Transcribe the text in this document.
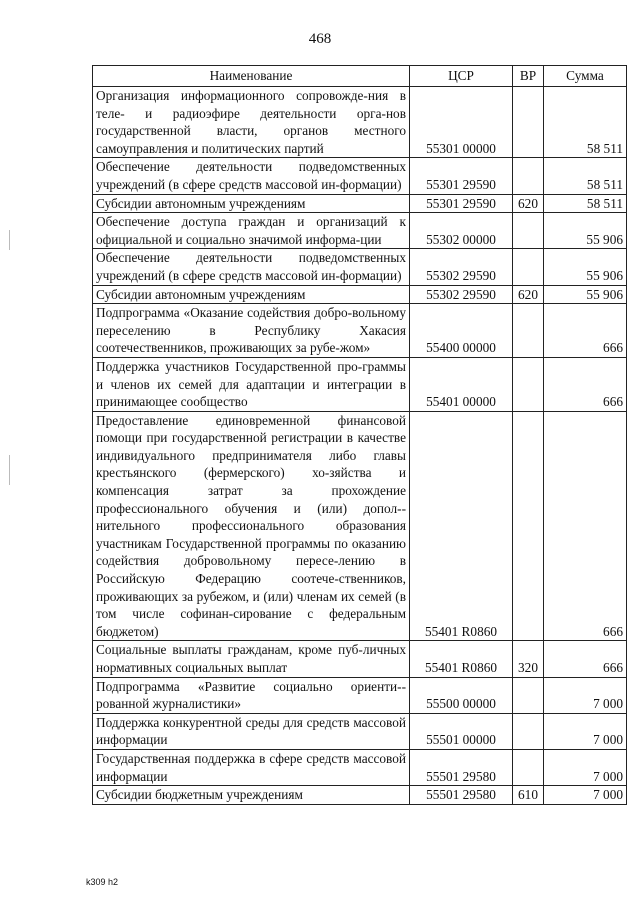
468
Наименование	ЦСР	ВР	Сумма
Организация информационного сопровожде-ния в теле- и радиоэфире деятельности орга-нов государственной власти, органов местного самоуправления и политических партий	55301 00000		58 511
Обеспечение деятельности подведомственных учреждений (в сфере средств массовой ин-формации)	55301 29590		58 511
Субсидии автономным учреждениям	55301 29590	620	58 511
Обеспечение доступа граждан и организаций к официальной и социально значимой информа-ции	55302 00000		55 906
Обеспечение деятельности подведомственных учреждений (в сфере средств массовой ин-формации)	55302 29590		55 906
Субсидии автономным учреждениям	55302 29590	620	55 906
Подпрограмма «Оказание содействия добро-вольному переселению в Республику Хакасия соотечественников, проживающих за рубе-жом»	55400 00000		666
Поддержка участников Государственной про-граммы и членов их семей для адаптации и интеграции в принимающее сообщество	55401 00000		666
Предоставление единовременной финансовой помощи при государственной регистрации в качестве индивидуального предпринимателя либо главы крестьянского (фермерского) хо-зяйства и компенсация затрат за прохождение профессионального обучения и (или) допол-нительного профессионального образования участникам Государственной программы по оказанию содействия добровольному пересе-лению в Российскую Федерацию соотече-ственников, проживающих за рубежом, и (или) членам их семей (в том числе софинан-сирование с федеральным бюджетом)	55401 R0860		666
Социальные выплаты гражданам, кроме пуб-личных нормативных социальных выплат	55401 R0860	320	666
Подпрограмма «Развитие социально ориенти-рованной журналистики»	55500 00000		7 000
Поддержка конкурентной среды для средств массовой информации	55501 00000		7 000
Государственная поддержка в сфере средств массовой информации	55501 29580		7 000
Субсидии бюджетным учреждениям	55501 29580	610	7 000
k309 h2
